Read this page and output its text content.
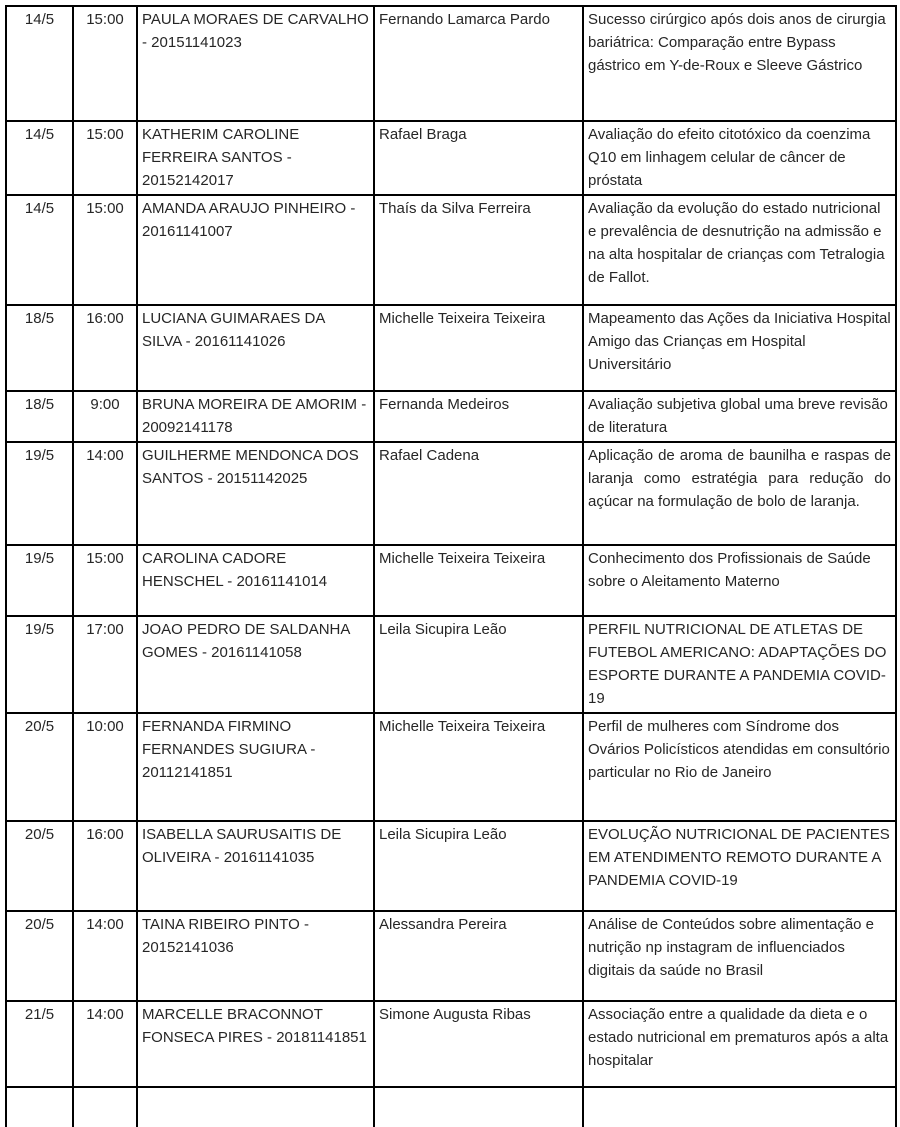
14/5	15:00	PAULA MORAES DE CARVALHO - 20151141023	Fernando Lamarca Pardo	Sucesso cirúrgico após dois anos de cirurgia bariátrica: Comparação entre Bypass gástrico em Y-de-Roux e Sleeve Gástrico
14/5	15:00	KATHERIM CAROLINE FERREIRA SANTOS - 20152142017	Rafael Braga	Avaliação do efeito citotóxico da coenzima Q10 em linhagem celular de câncer de próstata
14/5	15:00	AMANDA ARAUJO PINHEIRO - 20161141007	Thaís da Silva Ferreira	Avaliação da evolução do estado nutricional e prevalência de desnutrição na admissão e na alta hospitalar de crianças com Tetralogia de Fallot.
18/5	16:00	LUCIANA GUIMARAES DA SILVA - 20161141026	Michelle Teixeira Teixeira	Mapeamento das Ações da Iniciativa Hospital Amigo das Crianças em Hospital Universitário
18/5	9:00	BRUNA MOREIRA DE AMORIM - 20092141178	Fernanda Medeiros	Avaliação subjetiva global uma breve revisão de literatura
19/5	14:00	GUILHERME MENDONCA DOS SANTOS - 20151142025	Rafael Cadena	Aplicação de aroma de baunilha e raspas de laranja como estratégia para redução do açúcar na formulação de bolo de laranja.
19/5	15:00	CAROLINA CADORE HENSCHEL - 20161141014	Michelle Teixeira Teixeira	Conhecimento dos Profissionais de Saúde sobre o Aleitamento Materno
19/5	17:00	JOAO PEDRO DE SALDANHA GOMES - 20161141058	Leila Sicupira Leão	PERFIL NUTRICIONAL DE ATLETAS DE FUTEBOL AMERICANO: ADAPTAÇÕES DO ESPORTE DURANTE A PANDEMIA COVID-19
20/5	10:00	FERNANDA FIRMINO FERNANDES SUGIURA - 20112141851	Michelle Teixeira Teixeira	Perfil de mulheres com Síndrome dos Ovários Policísticos atendidas em consultório particular no Rio de Janeiro
20/5	16:00	ISABELLA SAURUSAITIS DE OLIVEIRA - 20161141035	Leila Sicupira Leão	EVOLUÇÃO NUTRICIONAL DE PACIENTES EM ATENDIMENTO REMOTO DURANTE A PANDEMIA COVID-19
20/5	14:00	TAINA RIBEIRO PINTO - 20152141036	Alessandra Pereira	Análise de Conteúdos sobre alimentação e nutrição np instagram de influenciados digitais da saúde no Brasil
21/5	14:00	MARCELLE BRACONNOT FONSECA PIRES - 20181141851	Simone Augusta Ribas	Associação entre a qualidade da dieta e o estado nutricional em prematuros após a alta hospitalar
